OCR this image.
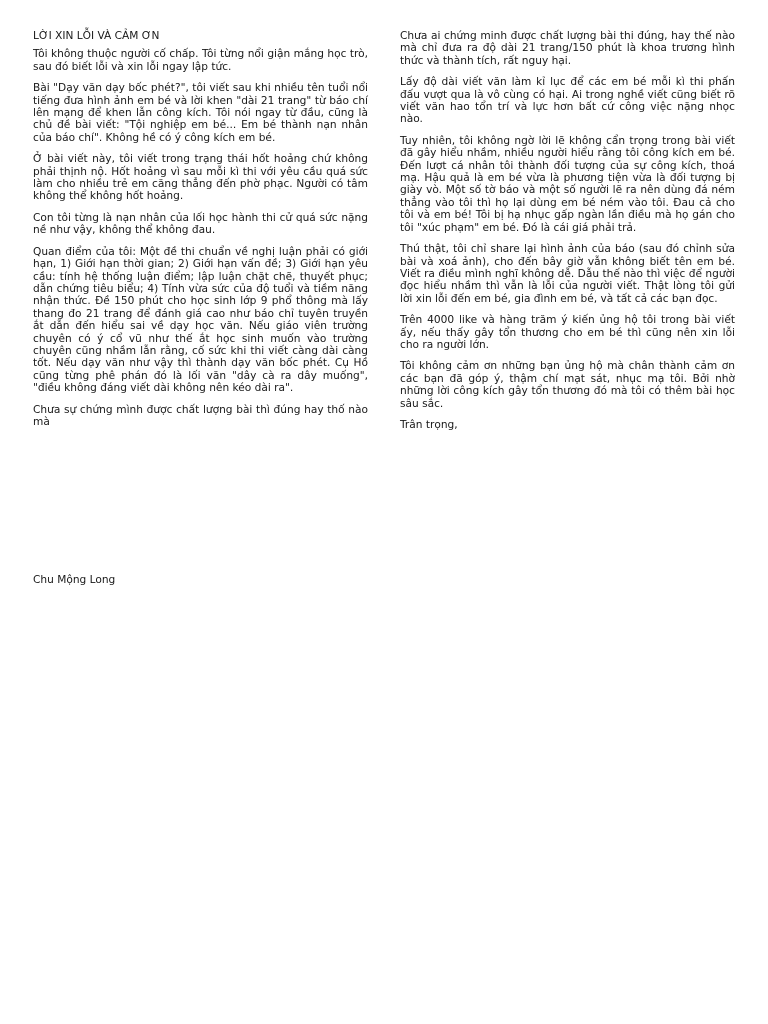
LỜI XIN LỖI VÀ CẢM ƠN

Tôi không thuộc người cố chấp. Tôi từng nổi giận mắng học trò, sau đó biết lỗi và xin lỗi ngay lập tức.

Bài "Dạy văn dạy bốc phét?", tôi viết sau khi nhiều tên tuổi nổi tiếng đưa hình ảnh em bé và lời khen "dài 21 trang" từ báo chí lên mạng để khen lẫn công kích. Tôi nói ngay từ đầu, cũng là chủ đề bài viết: "Tội nghiệp em bé... Em bé thành nạn nhân của báo chí". Không hề có ý công kích em bé.

Ở bài viết này, tôi viết trong trạng thái hốt hoảng chứ không phải thịnh nộ. Hốt hoảng vì sau mỗi kì thi với yêu cầu quá sức làm cho nhiều trẻ em căng thẳng đến phờ phạc. Người có tâm không thể không hốt hoảng.

Con tôi từng là nạn nhân của lối học hành thi cử quá sức nặng nề như vậy, không thể không đau.

Quan điểm của tôi: Một đề thi chuẩn về nghị luận phải có giới hạn, 1) Giới hạn thời gian; 2) Giới hạn vấn đề; 3) Giới hạn yêu cầu: tính hệ thống luận điểm; lập luận chặt chẽ, thuyết phục; dẫn chứng tiêu biểu; 4) Tính vừa sức của độ tuổi và tiềm năng nhận thức. Đề 150 phút cho học sinh lớp 9 phổ thông mà lấy thang đo 21 trang để đánh giá cao như báo chỉ tuyên truyền ắt dẫn đến hiểu sai về dạy học văn. Nếu giáo viên trường chuyên có ý cổ vũ như thế ắt học sinh muốn vào trường chuyên cũng nhầm lẫn rằng, cố sức khi thi viết càng dài càng tốt. Nếu dạy văn như vậy thì thành dạy văn bốc phét. Cụ Hồ cũng từng phê phán đó là lối văn "dây cà ra dây muống", "điều không đáng viết dài không nên kéo dài ra".

Chưa sự chứng mình được chất lượng bài thì đúng hay thố nào mà

Chưa ai chứng minh được chất lượng bài thi đúng, hay thế nào mà chỉ đưa ra độ dài 21 trang/150 phút là khoa trương hình thức và thành tích, rất nguy hại.

Lấy độ dài viết văn làm kỉ lục để các em bé mỗi kì thi phấn đấu vượt qua là vô cùng có hại. Ai trong nghề viết cũng biết rõ viết văn hao tổn trí và lực hơn bất cứ công việc nặng nhọc nào.

Tuy nhiên, tôi không ngờ lời lẽ không cẩn trọng trong bài viết đã gây hiểu nhầm, nhiều người hiểu rằng tôi công kích em bé. Đến lượt cá nhân tôi thành đối tượng của sự công kích, thoá mạ. Hậu quả là em bé vừa là phương tiện vừa là đối tượng bị giày vò. Một số tờ báo và một số người lẽ ra nên dùng đá ném thẳng vào tôi thì họ lại dùng em bé ném vào tôi. Đau cả cho tôi và em bé! Tôi bị hạ nhục gấp ngàn lần điều mà họ gán cho tôi "xúc phạm" em bé. Đó là cái giá phải trả.

Thú thật, tôi chỉ share lại hình ảnh của báo (sau đó chỉnh sửa bài và xoá ảnh), cho đến bây giờ vẫn không biết tên em bé. Viết ra điều mình nghĩ không dễ. Dẫu thế nào thì việc để người đọc hiểu nhầm thì vẫn là lỗi của người viết. Thật lòng tôi gửi lời xin lỗi đến em bé, gia đình em bé, và tất cả các bạn đọc.

Trên 4000 like và hàng trăm ý kiến ủng hộ tôi trong bài viết ấy, nếu thấy gây tổn thương cho em bé thì cũng nên xin lỗi cho ra người lớn.

Tôi không cảm ơn những bạn ủng hộ mà chân thành cảm ơn các bạn đã góp ý, thậm chí mạt sát, nhục mạ tôi. Bởi nhờ những lời công kích gây tổn thương đó mà tôi có thêm bài học sâu sắc.

Trân trọng,

Chu Mộng Long
